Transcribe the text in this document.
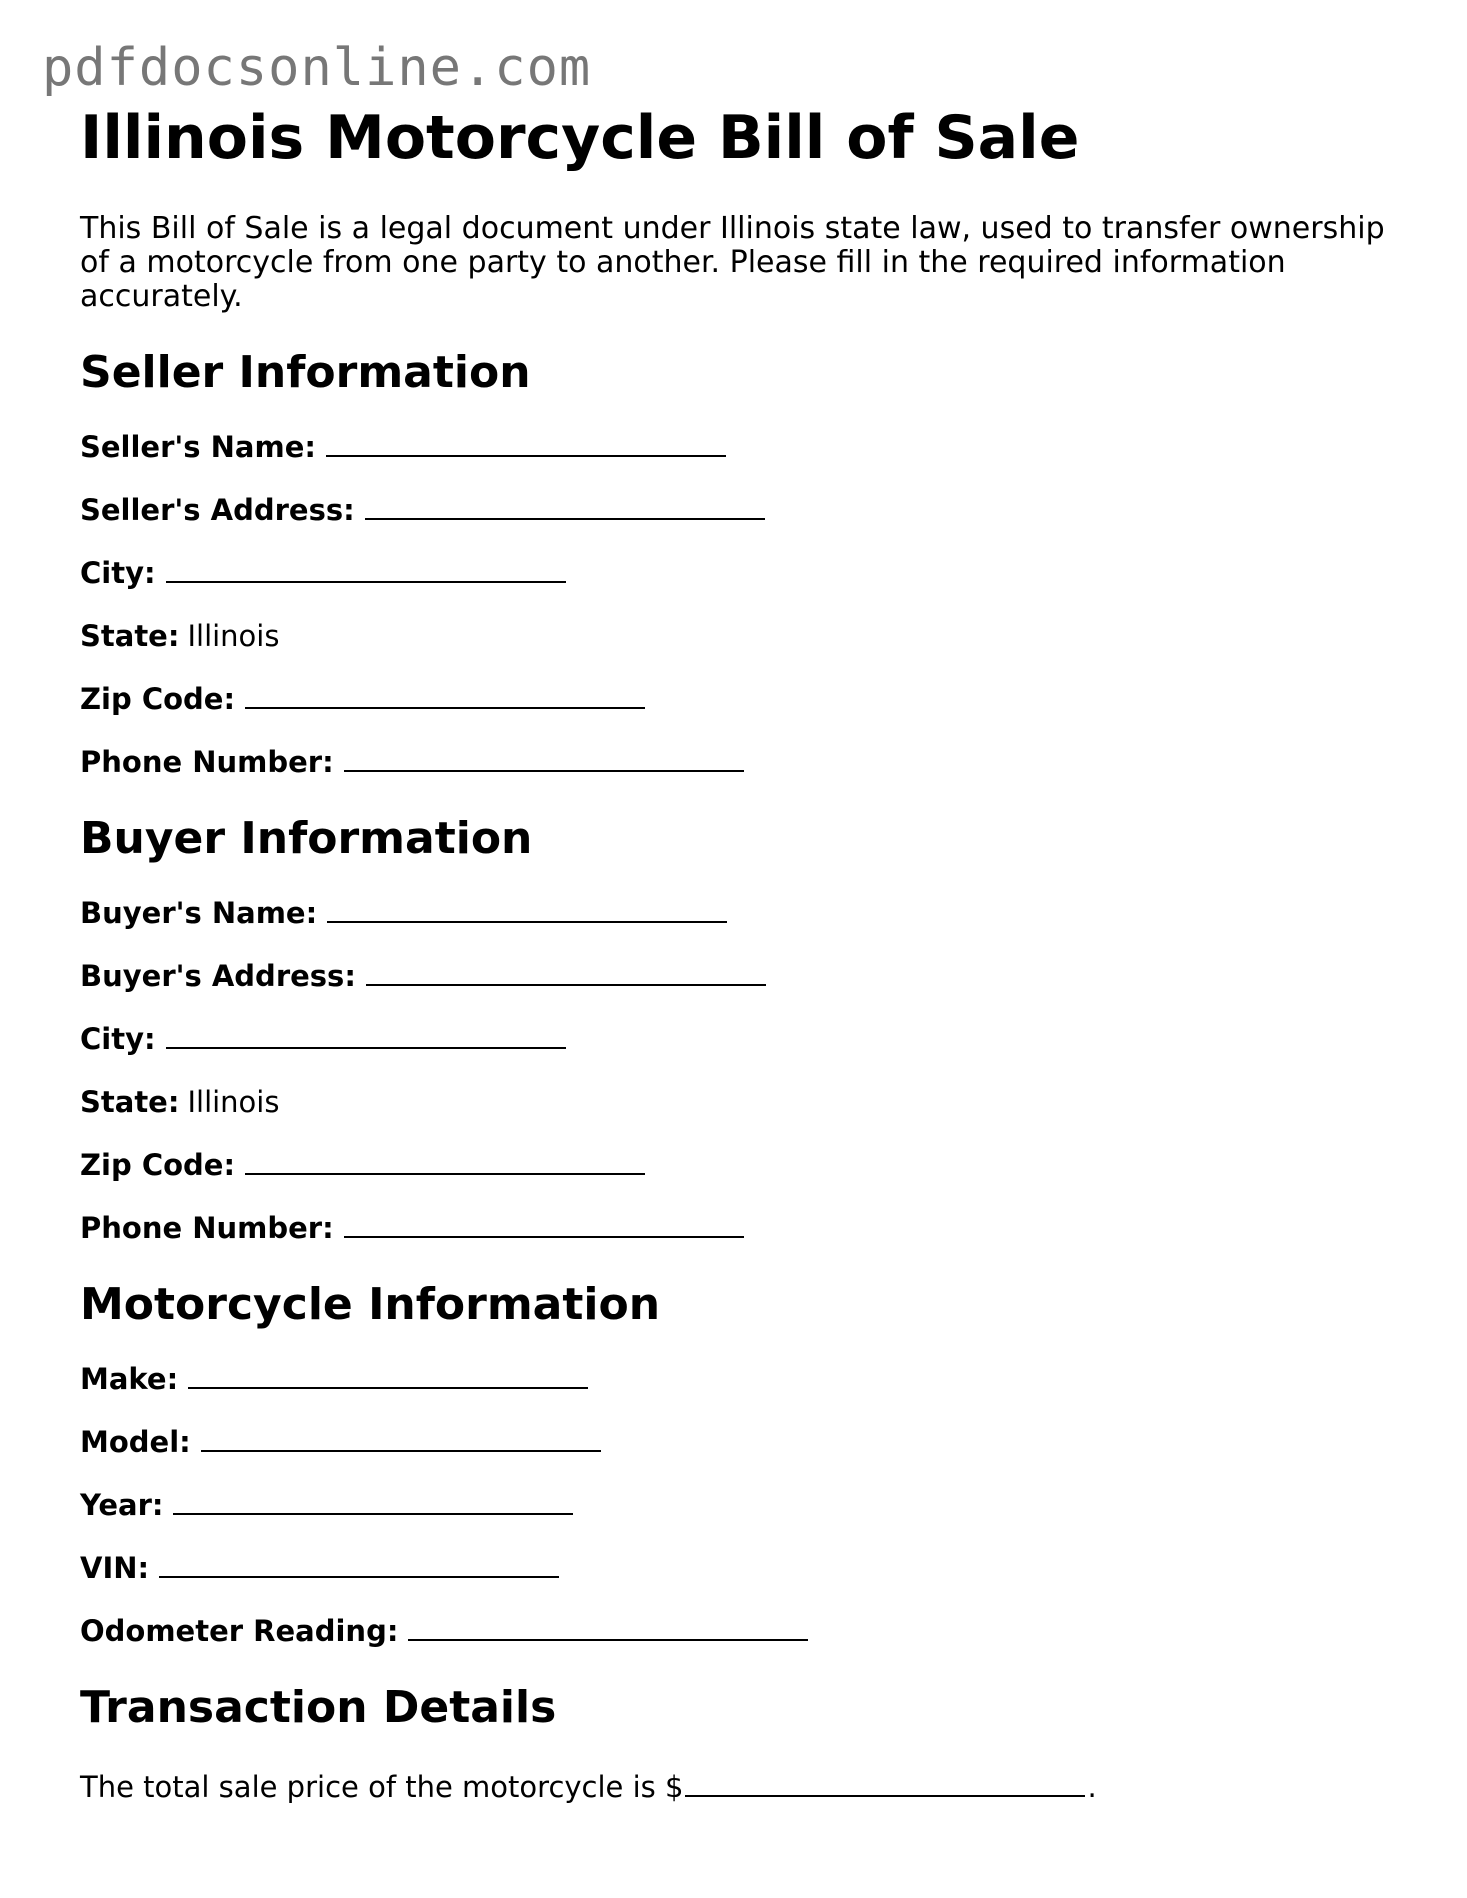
pdfdocsonline.com
Illinois Motorcycle Bill of Sale

This Bill of Sale is a legal document under Illinois state law, used to transfer ownership of a motorcycle from one party to another. Please fill in the required information accurately.

Seller Information
Seller's Name:
Seller's Address:
City:
State: Illinois
Zip Code:
Phone Number:
Buyer Information
Buyer's Name:
Buyer's Address:
City:
State: Illinois
Zip Code:
Phone Number:
Motorcycle Information
Make:
Model:
Year:
VIN:
Odometer Reading:
Transaction Details
The total sale price of the motorcycle is $	.
